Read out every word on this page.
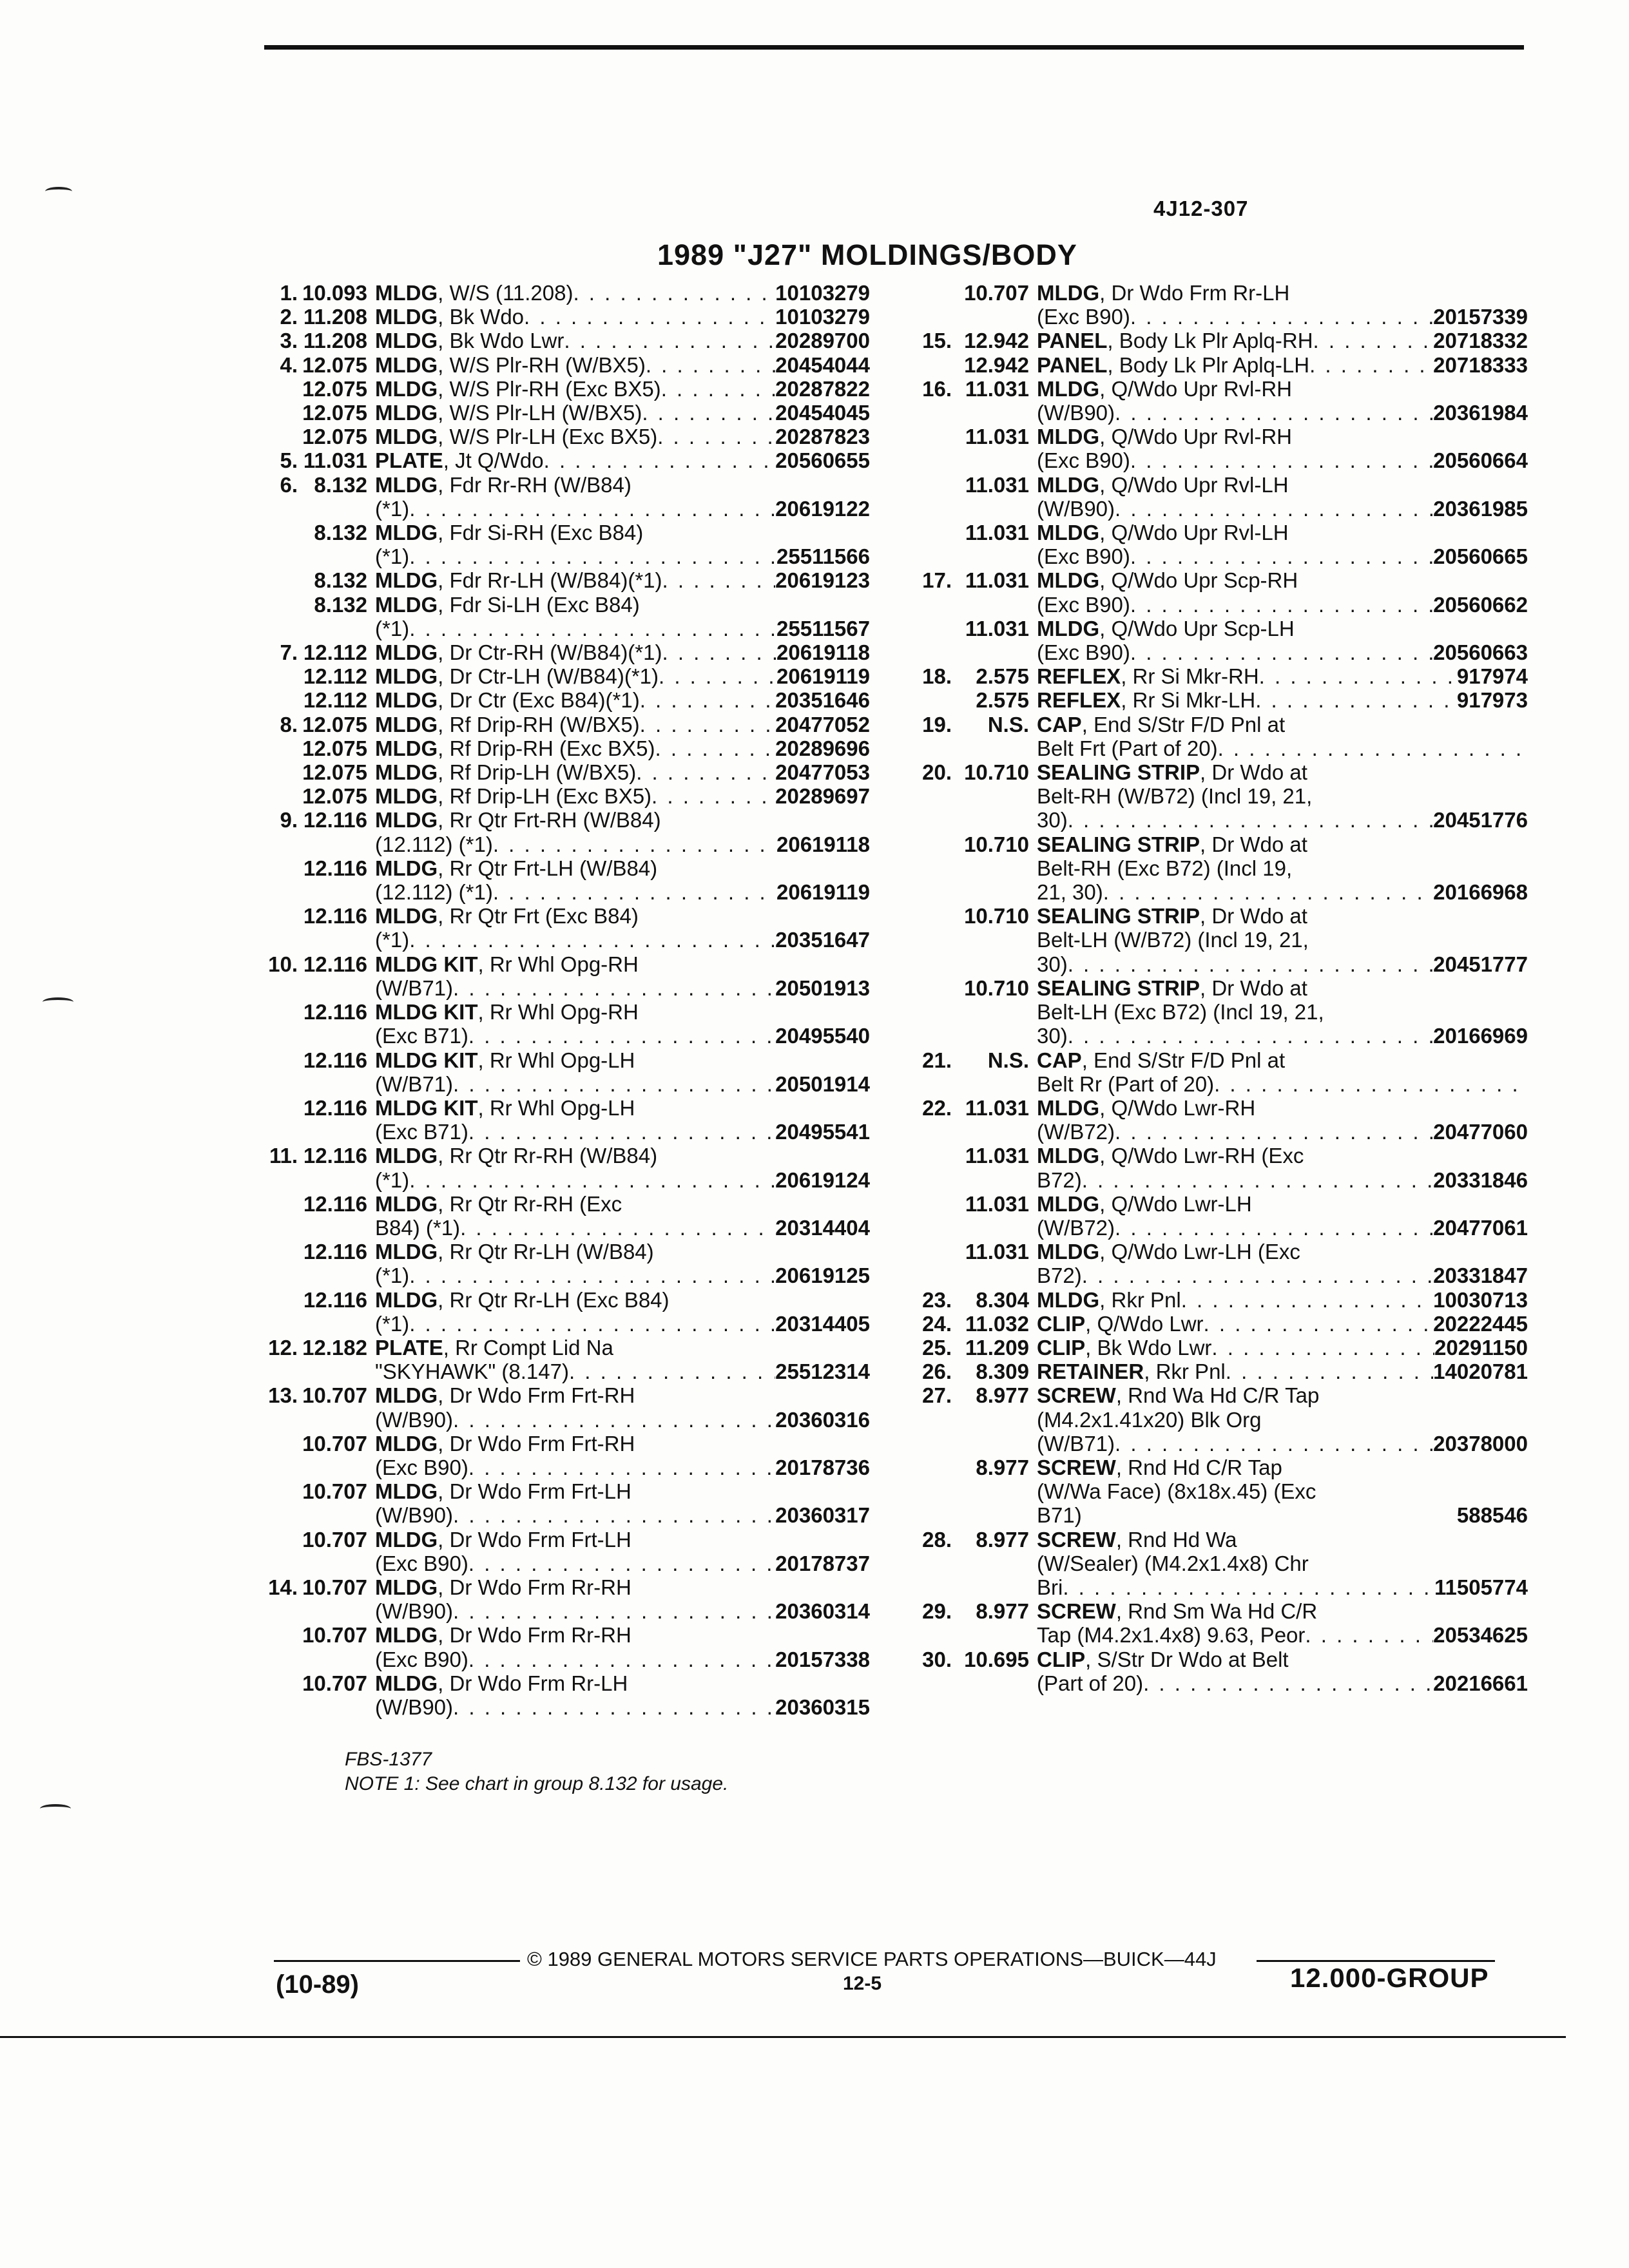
4J12-307
1989 "J27" MOLDINGS/BODY
1. 10.093 MLDG, W/S (11.208) . . .	10103279
2. 11.208 MLDG, Bk Wdo . . .	10103279
3. 11.208 MLDG, Bk Wdo Lwr . . .	20289700
4. 12.075 MLDG, W/S Plr-RH (W/BX5) . . .	20454044
12.075 MLDG, W/S Plr-RH (Exc BX5) . . .	20287822
12.075 MLDG, W/S Plr-LH (W/BX5) . . .	20454045
12.075 MLDG, W/S Plr-LH (Exc BX5) . . .	20287823
5. 11.031 PLATE, Jt Q/Wdo . . .	20560655
6. 8.132 MLDG, Fdr Rr-RH (W/B84)
(*1) . . .	20619122
8.132 MLDG, Fdr Si-RH (Exc B84)
(*1) . . .	25511566
8.132 MLDG, Fdr Rr-LH (W/B84)(*1) . . .	20619123
8.132 MLDG, Fdr Si-LH (Exc B84)
(*1) . . .	25511567
7. 12.112 MLDG, Dr Ctr-RH (W/B84)(*1) . . .	20619118
12.112 MLDG, Dr Ctr-LH (W/B84)(*1) . . .	20619119
12.112 MLDG, Dr Ctr (Exc B84)(*1) . . .	20351646
8. 12.075 MLDG, Rf Drip-RH (W/BX5) . . .	20477052
12.075 MLDG, Rf Drip-RH (Exc BX5) . . .	20289696
12.075 MLDG, Rf Drip-LH (W/BX5) . . .	20477053
12.075 MLDG, Rf Drip-LH (Exc BX5) . . .	20289697
9. 12.116 MLDG, Rr Qtr Frt-RH (W/B84)
(12.112) (*1) . . .	20619118
12.116 MLDG, Rr Qtr Frt-LH (W/B84)
(12.112) (*1) . . .	20619119
12.116 MLDG, Rr Qtr Frt (Exc B84)
(*1) . . .	20351647
10. 12.116 MLDG KIT, Rr Whl Opg-RH
(W/B71) . . .	20501913
12.116 MLDG KIT, Rr Whl Opg-RH
(Exc B71) . . .	20495540
12.116 MLDG KIT, Rr Whl Opg-LH
(W/B71) . . .	20501914
12.116 MLDG KIT, Rr Whl Opg-LH
(Exc B71) . . .	20495541
11. 12.116 MLDG, Rr Qtr Rr-RH (W/B84)
(*1) . . .	20619124
12.116 MLDG, Rr Qtr Rr-RH (Exc
B84) (*1) . . .	20314404
12.116 MLDG, Rr Qtr Rr-LH (W/B84)
(*1) . . .	20619125
12.116 MLDG, Rr Qtr Rr-LH (Exc B84)
(*1) . . .	20314405
12. 12.182 PLATE, Rr Compt Lid Na
"SKYHAWK" (8.147) . . .	25512314
13. 10.707 MLDG, Dr Wdo Frm Frt-RH
(W/B90) . . .	20360316
10.707 MLDG, Dr Wdo Frm Frt-RH
(Exc B90) . . .	20178736
10.707 MLDG, Dr Wdo Frm Frt-LH
(W/B90) . . .	20360317
10.707 MLDG, Dr Wdo Frm Frt-LH
(Exc B90) . . .	20178737
14. 10.707 MLDG, Dr Wdo Frm Rr-RH
(W/B90) . . .	20360314
10.707 MLDG, Dr Wdo Frm Rr-RH
(Exc B90) . . .	20157338
10.707 MLDG, Dr Wdo Frm Rr-LH
(W/B90) . . .	20360315
10.707 MLDG, Dr Wdo Frm Rr-LH
(Exc B90) . . .	20157339
15. 12.942 PANEL, Body Lk Plr Aplq-RH . . .	20718332
12.942 PANEL, Body Lk Plr Aplq-LH . . .	20718333
16. 11.031 MLDG, Q/Wdo Upr Rvl-RH
(W/B90) . . .	20361984
11.031 MLDG, Q/Wdo Upr Rvl-RH
(Exc B90) . . .	20560664
11.031 MLDG, Q/Wdo Upr Rvl-LH
(W/B90) . . .	20361985
11.031 MLDG, Q/Wdo Upr Rvl-LH
(Exc B90) . . .	20560665
17. 11.031 MLDG, Q/Wdo Upr Scp-RH
(Exc B90) . . .	20560662
11.031 MLDG, Q/Wdo Upr Scp-LH
(Exc B90) . . .	20560663
18.	2.575 REFLEX, Rr Si Mkr-RH . . .	917974
2.575 REFLEX, Rr Si Mkr-LH . . .	917973
19.	N.S. CAP, End S/Str F/D Pnl at
Belt Frt (Part of 20)
. . .
20. 10.710 SEALING STRIP, Dr Wdo at
Belt-RH (W/B72) (Incl 19, 21,
30) . . .	20451776
10.710 SEALING STRIP, Dr Wdo at
Belt-RH (Exc B72) (Incl 19,
21, 30) . . .	20166968
10.710 SEALING STRIP, Dr Wdo at
Belt-LH (W/B72) (Incl 19, 21,
30) . . .	20451777
10.710 SEALING STRIP, Dr Wdo at
Belt-LH (Exc B72) (Incl 19, 21,
30) . . .	20166969
21.	N.S. CAP, End S/Str F/D Pnl at
Belt Rr (Part of 20)
. . .
22. 11.031 MLDG, Q/Wdo Lwr-RH
(W/B72) . . .	20477060
11.031 MLDG, Q/Wdo Lwr-RH (Exc
B72) . . .	20331846
11.031 MLDG, Q/Wdo Lwr-LH
(W/B72) . . .	20477061
11.031 MLDG, Q/Wdo Lwr-LH (Exc
B72) . . .	20331847
23.	8.304 MLDG, Rkr Pnl . . .	10030713
24. 11.032 CLIP, Q/Wdo Lwr . . .	20222445
25. 11.209 CLIP, Bk Wdo Lwr . . .	20291150
26.	8.309 RETAINER, Rkr Pnl . . .	14020781
27.	8.977 SCREW, Rnd Wa Hd C/R Tap
(M4.2x1.41x20) Blk Org
(W/B71) . . .	20378000
8.977 SCREW, Rnd Hd C/R Tap
(W/Wa Face) (8x18x.45) (Exc
B71)	588546
28.	8.977 SCREW, Rnd Hd Wa
(W/Sealer) (M4.2x1.4x8) Chr
Bri . . .	11505774
29.	8.977 SCREW, Rnd Sm Wa Hd C/R
Tap (M4.2x1.4x8) 9.63, Peor . . .	20534625
30. 10.695 CLIP, S/Str Dr Wdo at Belt
(Part of 20) . . .	20216661
FBS-1377
NOTE 1: See chart in group 8.132 for usage.
© 1989 GENERAL MOTORS SERVICE PARTS OPERATIONS—BUICK—44J
(10-89)	12-5	12.000-GROUP
